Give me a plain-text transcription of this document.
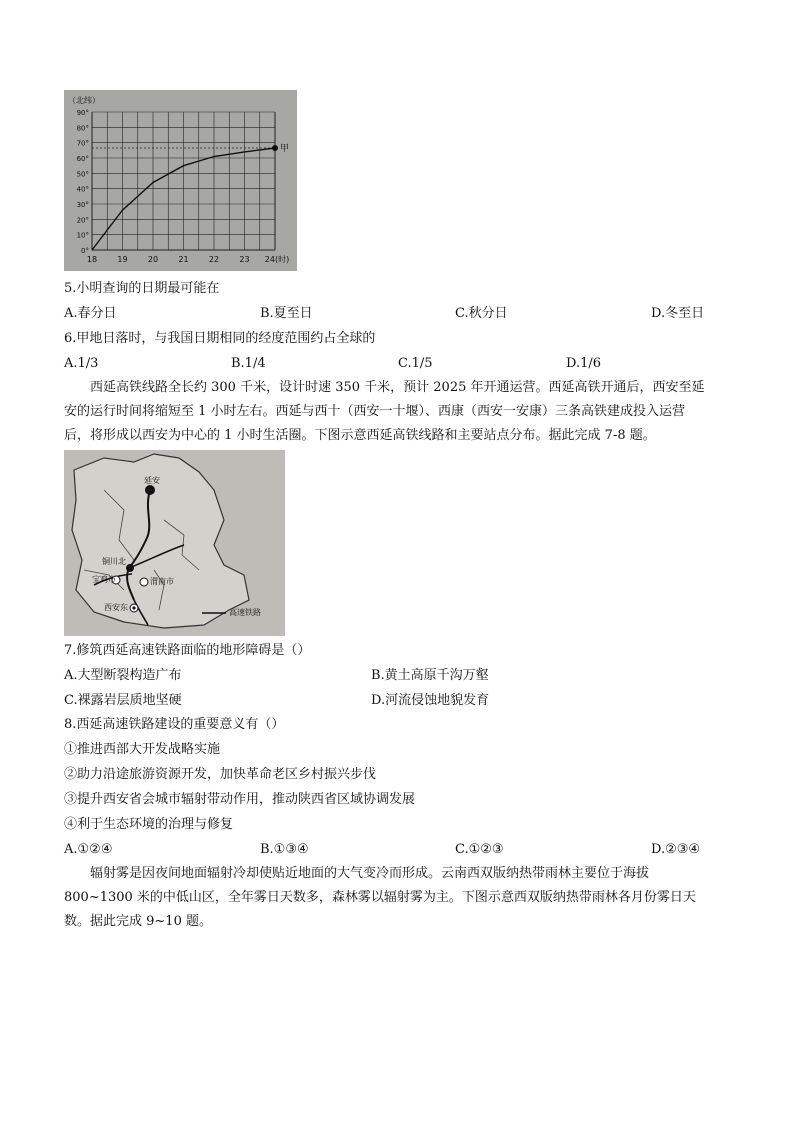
（北纬）
0°
10°
20°
30°
40°
50°
60°
70°
80°
90°
18	19	20	21	22	23 24(时)
甲
5.小明查询的日期最可能在
A.春分日	B.夏至日	C.秋分日	D.冬至日
6.甲地日落时，与我国日期相同的经度范围约占全球的
A.1/3	B.1/4	C.1/5	D.1/6
西延高铁线路全长约 300 千米，设计时速 350 千米，预计 2025 年开通运营。西延高铁开通后，西安至延
安的运行时间将缩短至 1 小时左右。西延与西十（西安一十堰）、西康（西安一安康）三条高铁建成投入运营
后，将形成以西安为中心的 1 小时生活圈。下图示意西延高铁线路和主要站点分布。据此完成 7-8 题。
延安
铜川北
宝鸡市	渭南市
西安东
高速铁路
7.修筑西延高速铁路面临的地形障碍是（）
A.大型断裂构造广布	B.黄土高原千沟万壑
C.裸露岩层质地坚硬	D.河流侵蚀地貌发育
8.西延高速铁路建设的重要意义有（）
①推进西部大开发战略实施
②助力沿途旅游资源开发，加快革命老区乡村振兴步伐
③提升西安省会城市辐射带动作用，推动陕西省区域协调发展
④利于生态环境的治理与修复
A.①②④	B.①③④	C.①②③	D.②③④
辐射雾是因夜间地面辐射冷却使贴近地面的大气变冷而形成。云南西双版纳热带雨林主要位于海拔
800~1300 米的中低山区，全年雾日天数多，森林雾以辐射雾为主。下图示意西双版纳热带雨林各月份雾日天
数。据此完成 9~10 题。
